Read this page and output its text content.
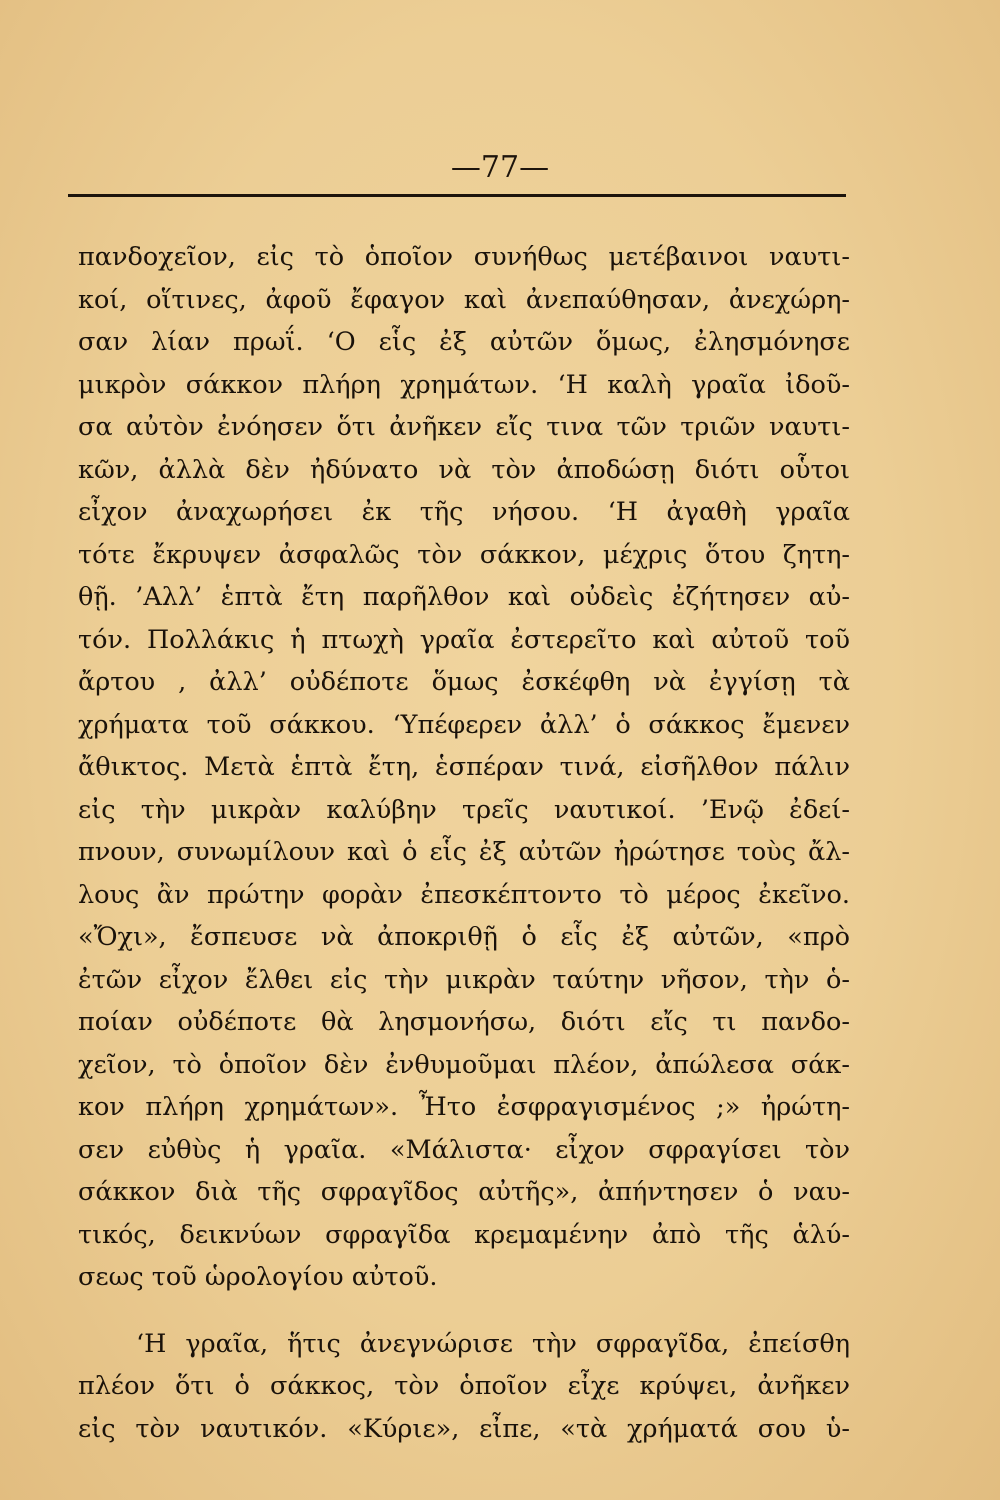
—77—
πανδοχεῖον, εἰς τὸ ὁποῖον συνήθως μετέβαινοι ναυτι-
κοί, οἵτινες, ἀφοῦ ἔφαγον καὶ ἀνεπαύθησαν, ἀνεχώρη-
σαν λίαν πρωΐ. ‘Ο εἷς ἐξ αὐτῶν ὅμως, ἐλησμόνησε
μικρὸν σάκκον πλήρη χρημάτων. ‘Η καλὴ γραῖα ἰδοῦ-
σα αὐτὸν ἐνόησεν ὅτι ἀνῆκεν εἴς τινα τῶν τριῶν ναυτι-
κῶν, ἀλλὰ δὲν ἠδύνατο νὰ τὸν ἀποδώσῃ διότι οὗτοι
εἶχον ἀναχωρήσει ἐκ τῆς νήσου. ‘Η ἀγαθὴ γραῖα
τότε ἔκρυψεν ἀσφαλῶς τὸν σάκκον, μέχρις ὅτου ζητη-
θῇ. ’Αλλ’ ἑπτὰ ἔτη παρῆλθον καὶ οὐδεὶς ἐζήτησεν αὐ-
τόν. Πολλάκις ἡ πτωχὴ γραῖα ἐστερεῖτο καὶ αὐτοῦ τοῦ
ἄρτου , ἀλλ’ οὐδέποτε ὅμως ἐσκέφθη νὰ ἐγγίσῃ τὰ
χρήματα τοῦ σάκκου. ‘Υπέφερεν ἀλλ’ ὁ σάκκος ἔμενεν
ἄθικτος. Μετὰ ἑπτὰ ἔτη, ἑσπέραν τινά, εἰσῆλθον πάλιν
εἰς τὴν μικρὰν καλύβην τρεῖς ναυτικοί. ’Ενῷ ἐδεί-
πνουν, συνωμίλουν καὶ ὁ εἷς ἐξ αὐτῶν ἠρώτησε τοὺς ἄλ-
λους ἂν πρώτην φορὰν ἐπεσκέπτοντο τὸ μέρος ἐκεῖνο.
«Ὄχι», ἔσπευσε νὰ ἀποκριθῇ ὁ εἷς ἐξ αὐτῶν, «πρὸ
ἐτῶν εἶχον ἔλθει εἰς τὴν μικρὰν ταύτην νῆσον, τὴν ὁ-
ποίαν οὐδέποτε θὰ λησμονήσω, διότι εἴς τι πανδο-
χεῖον, τὸ ὁποῖον δὲν ἐνθυμοῦμαι πλέον, ἀπώλεσα σάκ-
κον πλήρη χρημάτων». Ἦτο ἐσφραγισμένος ;» ἠρώτη-
σεν εὐθὺς ἡ γραῖα. «Μάλιστα· εἶχον σφραγίσει τὸν
σάκκον διὰ τῆς σφραγῖδος αὐτῆς», ἀπήντησεν ὁ ναυ-
τικός, δεικνύων σφραγῖδα κρεμαμένην ἀπὸ τῆς ἁλύ-
σεως τοῦ ὡρολογίου αὐτοῦ.
‘Η γραῖα, ἥτις ἀνεγνώρισε τὴν σφραγῖδα, ἐπείσθη
πλέον ὅτι ὁ σάκκος, τὸν ὁποῖον εἶχε κρύψει, ἀνῆκεν
εἰς τὸν ναυτικόν. «Κύριε», εἶπε, «τὰ χρήματά σου ὑ-
